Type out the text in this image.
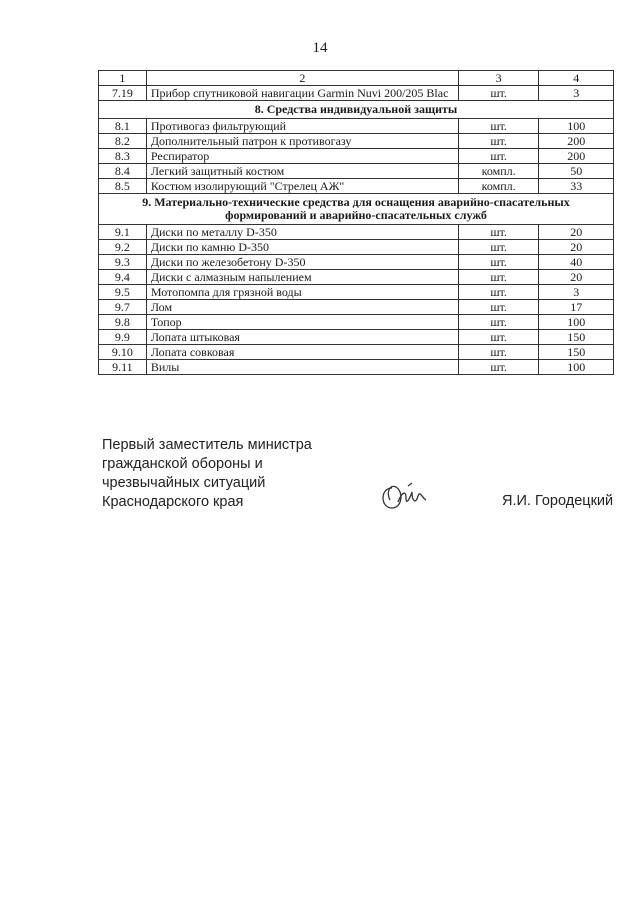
14
1	2	3	4
7.19	Прибор спутниковой навигации Garmin Nuvi 200/205 Blac	шт.	3
8. Средства индивидуальной защиты			
8.1	Противогаз фильтрующий	шт.	100
8.2	Дополнительный патрон к противогазу	шт.	200
8.3	Респиратор	шт.	200
8.4	Легкий защитный костюм	компл.	50
8.5	Костюм изолирующий "Стрелец АЖ"	компл.	33
9. Материально-технические средства для оснащения аварийно-спасательных формирований и аварийно-спасательных служб			
9.1	Диски по металлу D-350	шт.	20
9.2	Диски по камню D-350	шт.	20
9.3	Диски по железобетону D-350	шт.	40
9.4	Диски с алмазным напылением	шт.	20
9.5	Мотопомпа для грязной воды	шт.	3
9.7	Лом	шт.	17
9.8	Топор	шт.	100
9.9	Лопата штыковая	шт.	150
9.10	Лопата совковая	шт.	150
9.11	Вилы	шт.	100
Первый заместитель министра
гражданской обороны и
чрезвычайных ситуаций
Краснодарского края	Я.И. Городецкий
